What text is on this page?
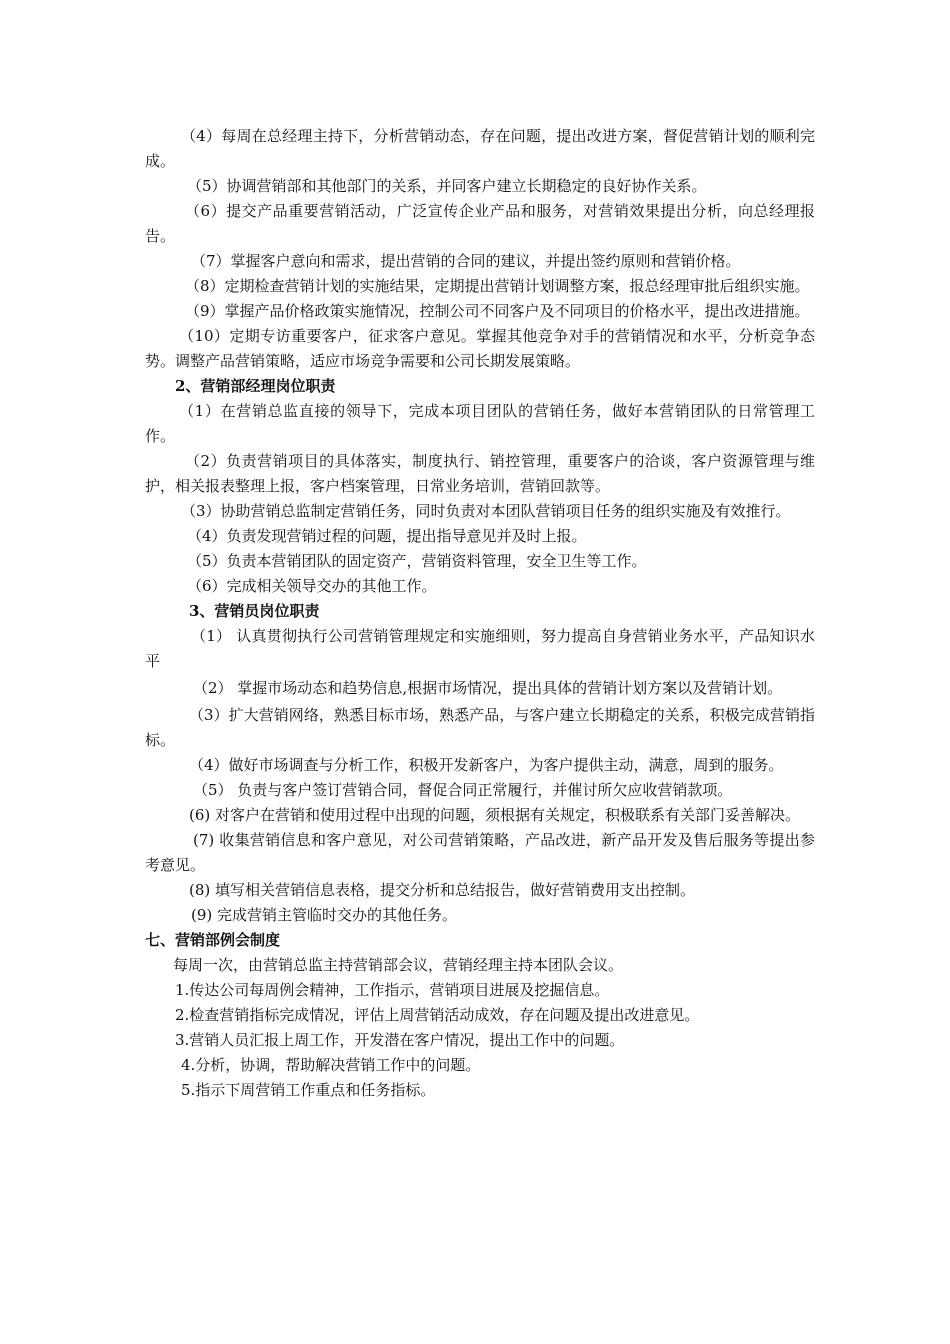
（4）每周在总经理主持下，分析营销动态，存在问题，提出改进方案，督促营销计划的顺利完成。

（5）协调营销部和其他部门的关系，并同客户建立长期稳定的良好协作关系。

（6）提交产品重要营销活动，广泛宣传企业产品和服务，对营销效果提出分析，向总经理报告。

（7）掌握客户意向和需求，提出营销的合同的建议，并提出签约原则和营销价格。

（8）定期检查营销计划的实施结果，定期提出营销计划调整方案，报总经理审批后组织实施。

（9）掌握产品价格政策实施情况，控制公司不同客户及不同项目的价格水平，提出改进措施。

（10）定期专访重要客户，征求客户意见。掌握其他竞争对手的营销情况和水平，分析竞争态势。调整产品营销策略，适应市场竞争需要和公司长期发展策略。

2、营销部经理岗位职责

（1）在营销总监直接的领导下，完成本项目团队的营销任务，做好本营销团队的日常管理工作。

（2）负责营销项目的具体落实，制度执行、销控管理，重要客户的洽谈，客户资源管理与维护，相关报表整理上报，客户档案管理，日常业务培训，营销回款等。

（3）协助营销总监制定营销任务，同时负责对本团队营销项目任务的组织实施及有效推行。

（4）负责发现营销过程的问题，提出指导意见并及时上报。

（5）负责本营销团队的固定资产，营销资料管理，安全卫生等工作。

（6）完成相关领导交办的其他工作。

3、营销员岗位职责

（1） 认真贯彻执行公司营销管理规定和实施细则，努力提高自身营销业务水平，产品知识水平

（2） 掌握市场动态和趋势信息,根据市场情况，提出具体的营销计划方案以及营销计划。

（3）扩大营销网络，熟悉目标市场，熟悉产品，与客户建立长期稳定的关系，积极完成营销指标。

（4）做好市场调查与分析工作，积极开发新客户，为客户提供主动，满意，周到的服务。

（5） 负责与客户签订营销合同，督促合同正常履行，并催讨所欠应收营销款项。

(6) 对客户在营销和使用过程中出现的问题，须根据有关规定，积极联系有关部门妥善解决。

(7) 收集营销信息和客户意见，对公司营销策略，产品改进，新产品开发及售后服务等提出参考意见。

(8) 填写相关营销信息表格，提交分析和总结报告，做好营销费用支出控制。

(9) 完成营销主管临时交办的其他任务。

七、营销部例会制度

每周一次，由营销总监主持营销部会议，营销经理主持本团队会议。

1.传达公司每周例会精神，工作指示，营销项目进展及挖掘信息。

2.检查营销指标完成情况，评估上周营销活动成效，存在问题及提出改进意见。

3.营销人员汇报上周工作，开发潜在客户情况，提出工作中的问题。

4.分析，协调，帮助解决营销工作中的问题。

5.指示下周营销工作重点和任务指标。
